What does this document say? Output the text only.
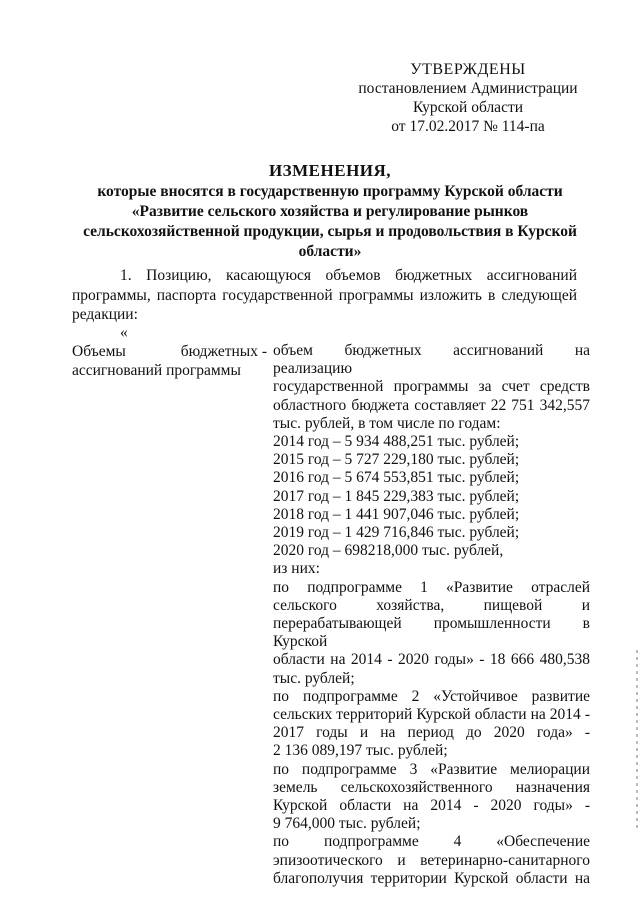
УТВЕРЖДЕНЫ
постановлением Администрации
Курской области
от 17.02.2017 № 114-па
ИЗМЕНЕНИЯ,
которые вносятся в государственную программу Курской области
«Развитие сельского хозяйства и регулирование рынков
сельскохозяйственной продукции, сырья и продовольствия в Курской
области»
1. Позицию, касающуюся объемов бюджетных ассигнований
программы, паспорта государственной программы изложить в следующей
редакции:
«
Объемы	бюджетных -
ассигнований программы
объем бюджетных ассигнований на реализацию
государственной программы за счет средств
областного бюджета составляет 22 751 342,557
тыс. рублей, в том числе по годам:
2014 год – 5 934 488,251 тыс. рублей;
2015 год – 5 727 229,180 тыс. рублей;
2016 год – 5 674 553,851 тыс. рублей;
2017 год – 1 845 229,383 тыс. рублей;
2018 год – 1 441 907,046 тыс. рублей;
2019 год – 1 429 716,846 тыс. рублей;
2020 год – 698218,000 тыс. рублей,
из них:
по подпрограмме 1 «Развитие отраслей
сельского хозяйства, пищевой и
перерабатывающей промышленности в Курской
области на 2014 - 2020 годы» - 18 666 480,538
тыс. рублей;
по подпрограмме 2 «Устойчивое развитие
сельских территорий Курской области на 2014 -
2017 годы и на период до 2020 года» -
2 136 089,197 тыс. рублей;
по подпрограмме 3 «Развитие мелиорации
земель сельскохозяйственного назначения
Курской области на 2014 - 2020 годы» -
9 764,000 тыс. рублей;
по подпрограмме 4 «Обеспечение
эпизоотического и ветеринарно-санитарного
благополучия территории Курской области на
